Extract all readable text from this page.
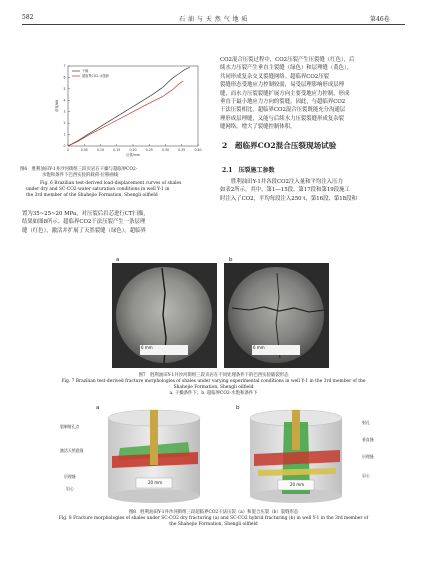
582	石 油 与 天 然 气 地 质	第46卷
0	0.05	0.10	0.15	0.20	0.25	0.30	0.35	0.40
0
1
2
3
4
5
6
7
位移/mm
载荷/kN
干燥
超临界CO2-水饱和
图6　胜利油田Y-1井沙河街组三段页岩在干燥与超临界CO2-
水饱和条件下巴西实验的载荷-位移曲线
Fig. 6 Brazilian test-derived load-displacement curves of shales
under dry and SC-CO2-water saturation conditions in well Y-1 in
the 3rd member of the Shahejie Formation, Shengli oilfield

置为35~25~20 MPa，对压裂后岩芯进行CT扫描，

结果如图8所示。超临界CO2干法压裂产生一条层理

缝（红色），激活并扩展了天然裂缝（绿色）。超临界

CO2混合压裂过程中，CO2压裂产生压裂缝（红色），后

续水力压裂产生垂直主裂缝（绿色）和层理缝（黄色），

共同形成复杂交叉裂缝网络。超临界CO2压裂

裂缝形态受地应力控制较弱，易受层理影响形成层理

缝，而水力压裂裂缝扩展方向主要受地应力控制，形成

垂直于最小地应力方向的裂缝。因此，与超临界CO2

干法压裂相比，超临界CO2混合压裂既能充分沟通层

理形成层理缝，又能与后续水力压裂裂缝形成复杂裂

缝网络，增大了裂缝控制体积。

2　超临界CO2混合压裂现场试验
2.1　压裂施工参数

胜利油田Y-1井各段CO2注入量和平均注入压力

如表2所示。其中，第1—15段、第17段和第19段施工

时注入了CO2，平均每段注入250 t，第16段、第18段和

a	b
6 mm	6 mm
图7　胜利油田Y-1井沙河街组三段页岩在不同处理条件下的巴西实验破裂形态
Fig. 7 Brazilian test-derived fracture morphologies of shales under varying experimental conditions in well Y-1 in the 3rd member of the
Shahejie Formation, Shengli oilfield
a. 干燥条件下；b. 超临界CO2-水饱和条件下
a	b
裂制射孔点
激活天然裂缝
层理缝
岩心
20 mm	20 mm
射孔
垂直缝
层理缝
岩心
图8　胜利油田Y-1井沙河街组三段超临界CO2干法压裂（a）和混合压裂（b）裂缝形态
Fig. 8 Fracture morphologies of shales under SC-CO2 dry fracturing (a) and SC-CO2 hybrid fracturing (b) in well Y-1 in the 3rd member of
the Shahejie Formation, Shengli oilfield
